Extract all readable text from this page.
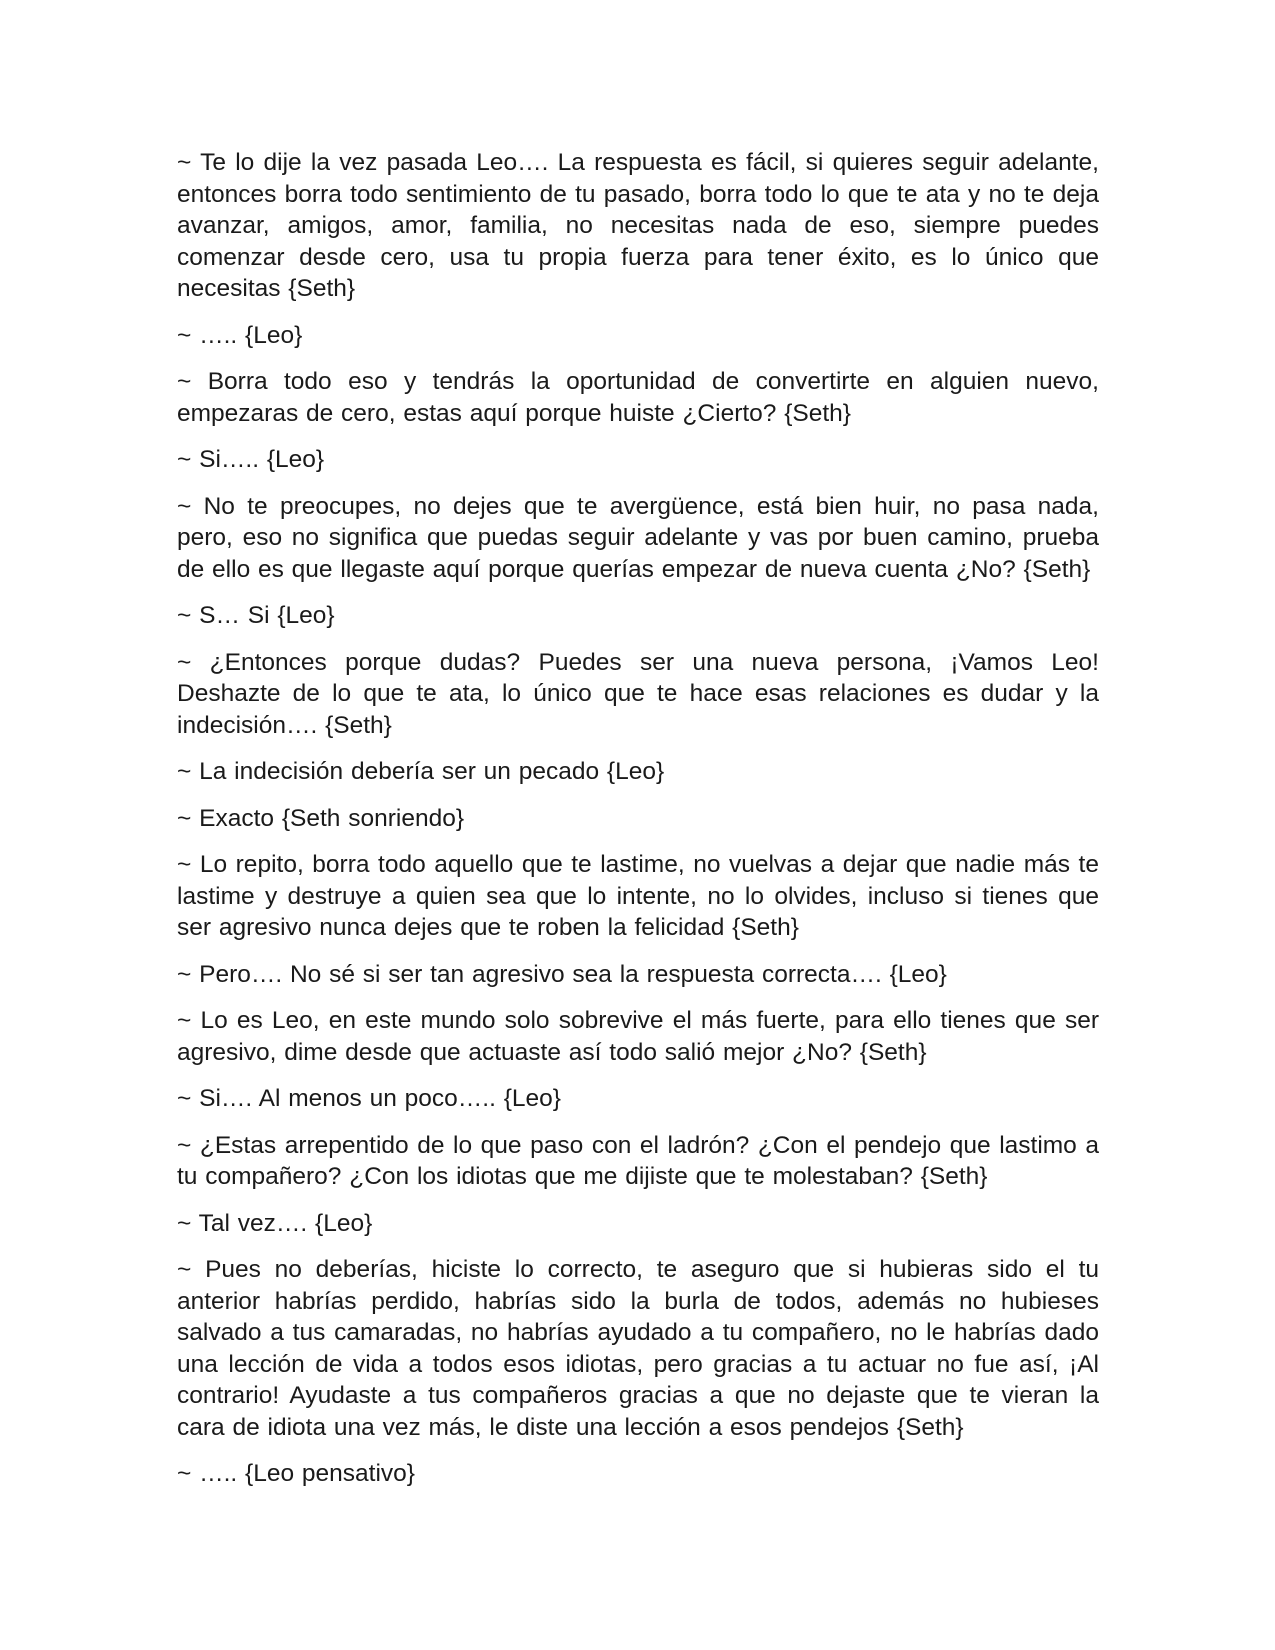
~ Te lo dije la vez pasada Leo…. La respuesta es fácil, si quieres seguir adelante, entonces borra todo sentimiento de tu pasado, borra todo lo que te ata y no te deja avanzar, amigos, amor, familia, no necesitas nada de eso, siempre puedes comenzar desde cero, usa tu propia fuerza para tener éxito, es lo único que necesitas {Seth}

~ ….. {Leo}

~ Borra todo eso y tendrás la oportunidad de convertirte en alguien nuevo, empezaras de cero, estas aquí porque huiste ¿Cierto? {Seth}

~ Si….. {Leo}

~ No te preocupes, no dejes que te avergüence, está bien huir, no pasa nada, pero, eso no significa que puedas seguir adelante y vas por buen camino, prueba de ello es que llegaste aquí porque querías empezar de nueva cuenta ¿No? {Seth}

~ S… Si {Leo}

~ ¿Entonces porque dudas? Puedes ser una nueva persona, ¡Vamos Leo! Deshazte de lo que te ata, lo único que te hace esas relaciones es dudar y la indecisión…. {Seth}

~ La indecisión debería ser un pecado {Leo}

~ Exacto {Seth sonriendo}

~ Lo repito, borra todo aquello que te lastime, no vuelvas a dejar que nadie más te lastime y destruye a quien sea que lo intente, no lo olvides, incluso si tienes que ser agresivo nunca dejes que te roben la felicidad {Seth}

~ Pero…. No sé si ser tan agresivo sea la respuesta correcta…. {Leo}

~ Lo es Leo, en este mundo solo sobrevive el más fuerte, para ello tienes que ser agresivo, dime desde que actuaste así todo salió mejor ¿No? {Seth}

~ Si…. Al menos un poco….. {Leo}

~ ¿Estas arrepentido de lo que paso con el ladrón? ¿Con el pendejo que lastimo a tu compañero? ¿Con los idiotas que me dijiste que te molestaban? {Seth}

~ Tal vez…. {Leo}

~ Pues no deberías, hiciste lo correcto, te aseguro que si hubieras sido el tu anterior habrías perdido, habrías sido la burla de todos, además no hubieses salvado a tus camaradas, no habrías ayudado a tu compañero, no le habrías dado una lección de vida a todos esos idiotas, pero gracias a tu actuar no fue así, ¡Al contrario! Ayudaste a tus compañeros gracias a que no dejaste que te vieran la cara de idiota una vez más, le diste una lección a esos pendejos {Seth}

~ ….. {Leo pensativo}
